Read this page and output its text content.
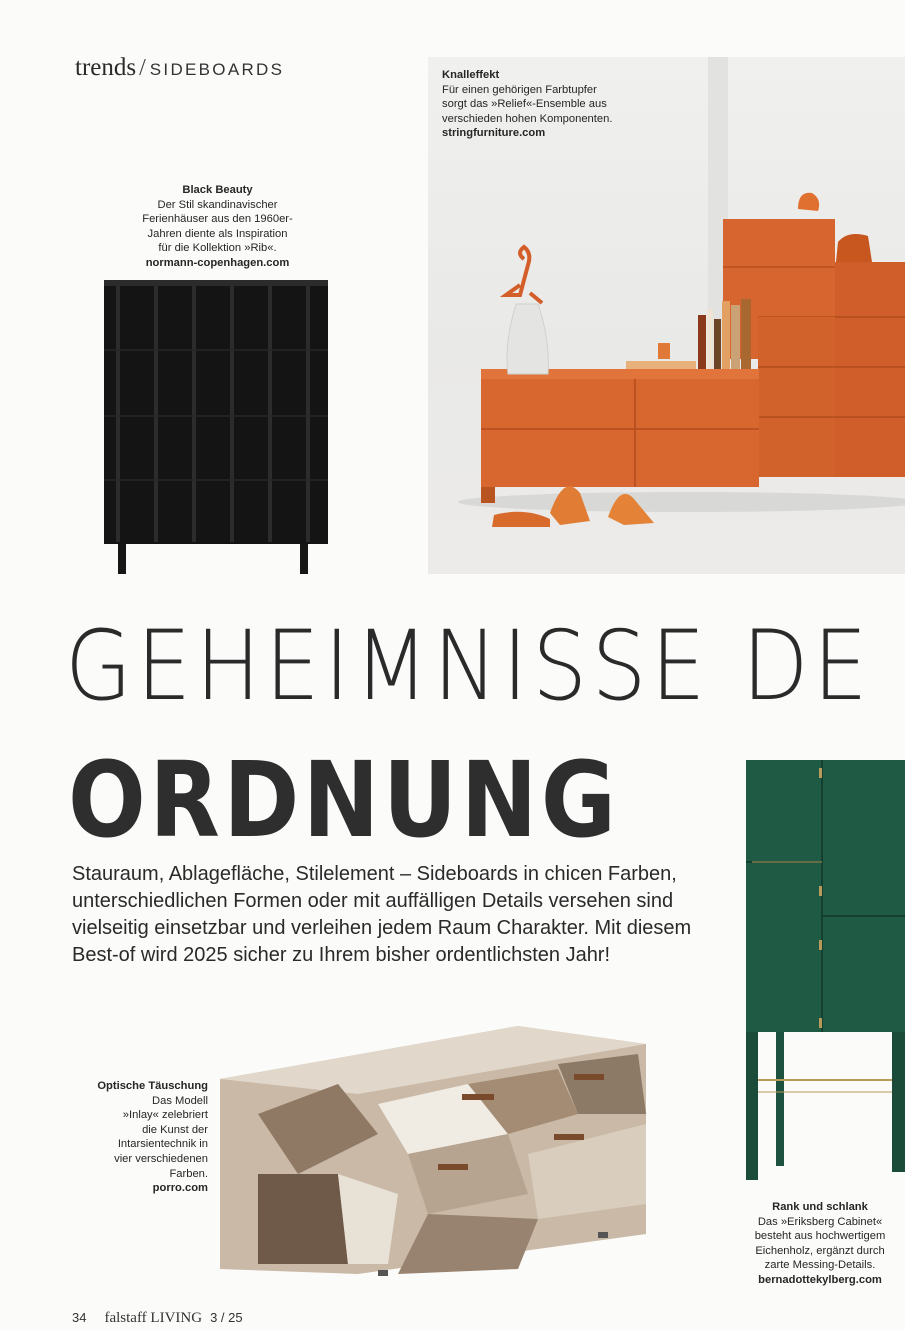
trends / SIDEBOARDS	Knalleffekt

Für einen gehörigen Farbtupfer

sorgt das »Relief«-Ensemble aus

verschieden hohen Komponenten.

stringfurniture.com

Black Beauty

Der Stil skandinavischer

Ferienhäuser aus den 1960er-

Jahren diente als Inspiration

für die Kollektion »Rib«.

normann-copenhagen.com

GEHEIMNISSE DE
ORDNUNG
Stauraum, Ablagefläche, Stilelement – Sideboards in chicen Farben, unterschiedlichen Formen oder mit auffälligen Details versehen sind vielseitig einsetzbar und verleihen jedem Raum Charakter. Mit diesem Best-of wird 2025 sicher zu Ihrem bisher ordentlichsten Jahr!

Optische Täuschung

Das Modell

»Inlay« zelebriert

die Kunst der

Intarsientechnik in

vier verschiedenen

Farben.

porro.com

Rank und schlank

Das »Eriksberg Cabinet«

besteht aus hochwertigem

Eichenholz, ergänzt durch

zarte Messing-Details.

bernadottekylberg.com

34 falstaff LIVING 3 / 25
